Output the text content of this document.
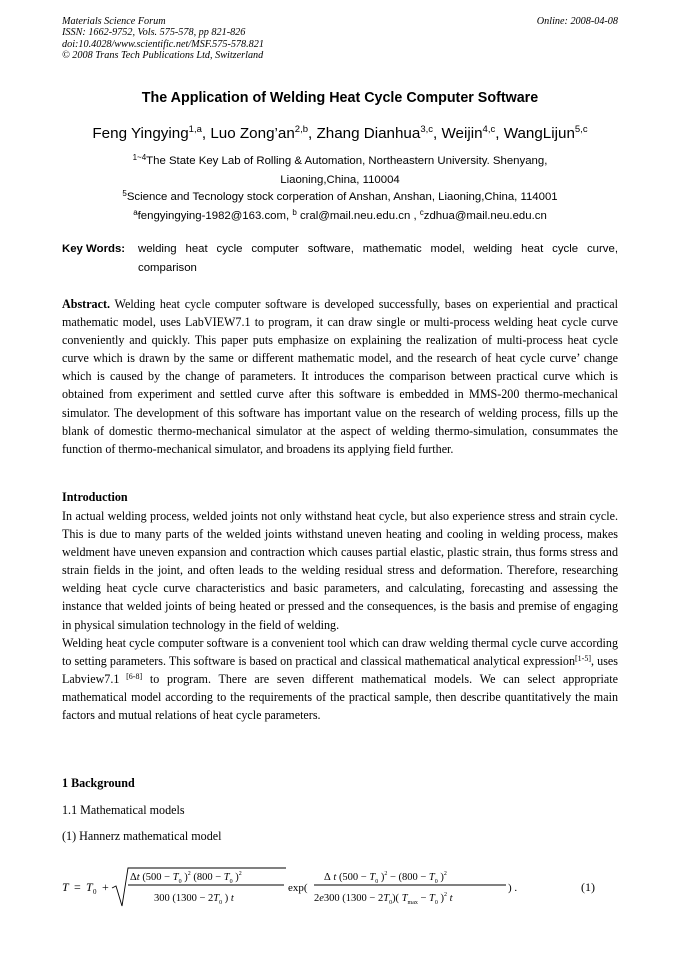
Materials Science Forum
ISSN: 1662-9752, Vols. 575-578, pp 821-826
doi:10.4028/www.scientific.net/MSF.575-578.821
© 2008 Trans Tech Publications Ltd, Switzerland
Online: 2008-04-08
The Application of Welding Heat Cycle Computer Software
Feng Yingying$^{1,a}$, Luo Zong’an$^{2,b}$, Zhang Dianhua$^{3,c}$, Weijin$^{4,c}$, WangLijun$^{5,c}$
$^{1\sim 4}$The State Key Lab of Rolling & Automation, Northeastern University. Shenyang,
Liaoning,China, 110004
$^5$Science and Tecnology stock corperation of Anshan, Anshan, Liaoning,China, 114001
$^a$fengyingying-1982@163.com, $^b$ cral@mail.neu.edu.cn , $^c$zdhua@mail.neu.edu.cn
Key Words: welding heat cycle computer software, mathematic model, welding heat cycle curve, comparison
Abstract. Welding heat cycle computer software is developed successfully, bases on experiential and practical mathematic model, uses LabVIEW7.1 to program, it can draw single or multi-process welding heat cycle curve conveniently and quickly. This paper puts emphasize on explaining the realization of multi-process heat cycle curve which is drawn by the same or different mathematic model, and the research of heat cycle curve’ change which is caused by the change of parameters. It introduces the comparison between practical curve which is obtained from experiment and settled curve after this software is embedded in MMS-200 thermo-mechanical simulator. The development of this software has important value on the research of welding process, fills up the blank of domestic thermo-mechanical simulator at the aspect of welding thermo-simulation, consummates the function of thermo-mechanical simulator, and broadens its applying field further.
Introduction
In actual welding process, welded joints not only withstand heat cycle, but also experience stress and strain cycle. This is due to many parts of the welded joints withstand uneven heating and cooling in welding process, makes weldment have uneven expansion and contraction which causes partial elastic, plastic strain, thus forms stress and strain fields in the joint, and often leads to the welding residual stress and deformation. Therefore, researching welding heat cycle curve characteristics and basic parameters, and calculating, forecasting and assessing the instance that welded joints of being heated or pressed and the consequences, is the basis and premise of engaging in physical simulation technology in the field of welding.
Welding heat cycle computer software is a convenient tool which can draw welding thermal cycle curve according to setting parameters. This software is based on practical and classical mathematical analytical expression[1-5], uses Labview7.1 [6-8] to program. There are seven different mathematical models. We can select appropriate mathematical model according to the requirements of the practical sample, then describe quantitatively the main factors and mutual relations of heat cycle parameters.
1 Background
1.1 Mathematical models
(1) Hannerz mathematical model
T = T 0 +
Δt ($500 - T_0$ )$^2$ ($800 - T_0$ )$^2$
300 ($1300 - 2T_0$ ) t
exp(
Δ t ($500 - T_0$ )$^2 - (800 - T_0$ )$^2$
2e300 $(1300 - 2T_0)$( $T_{max} - T_0$ )$^2$ t
) .	(1)
